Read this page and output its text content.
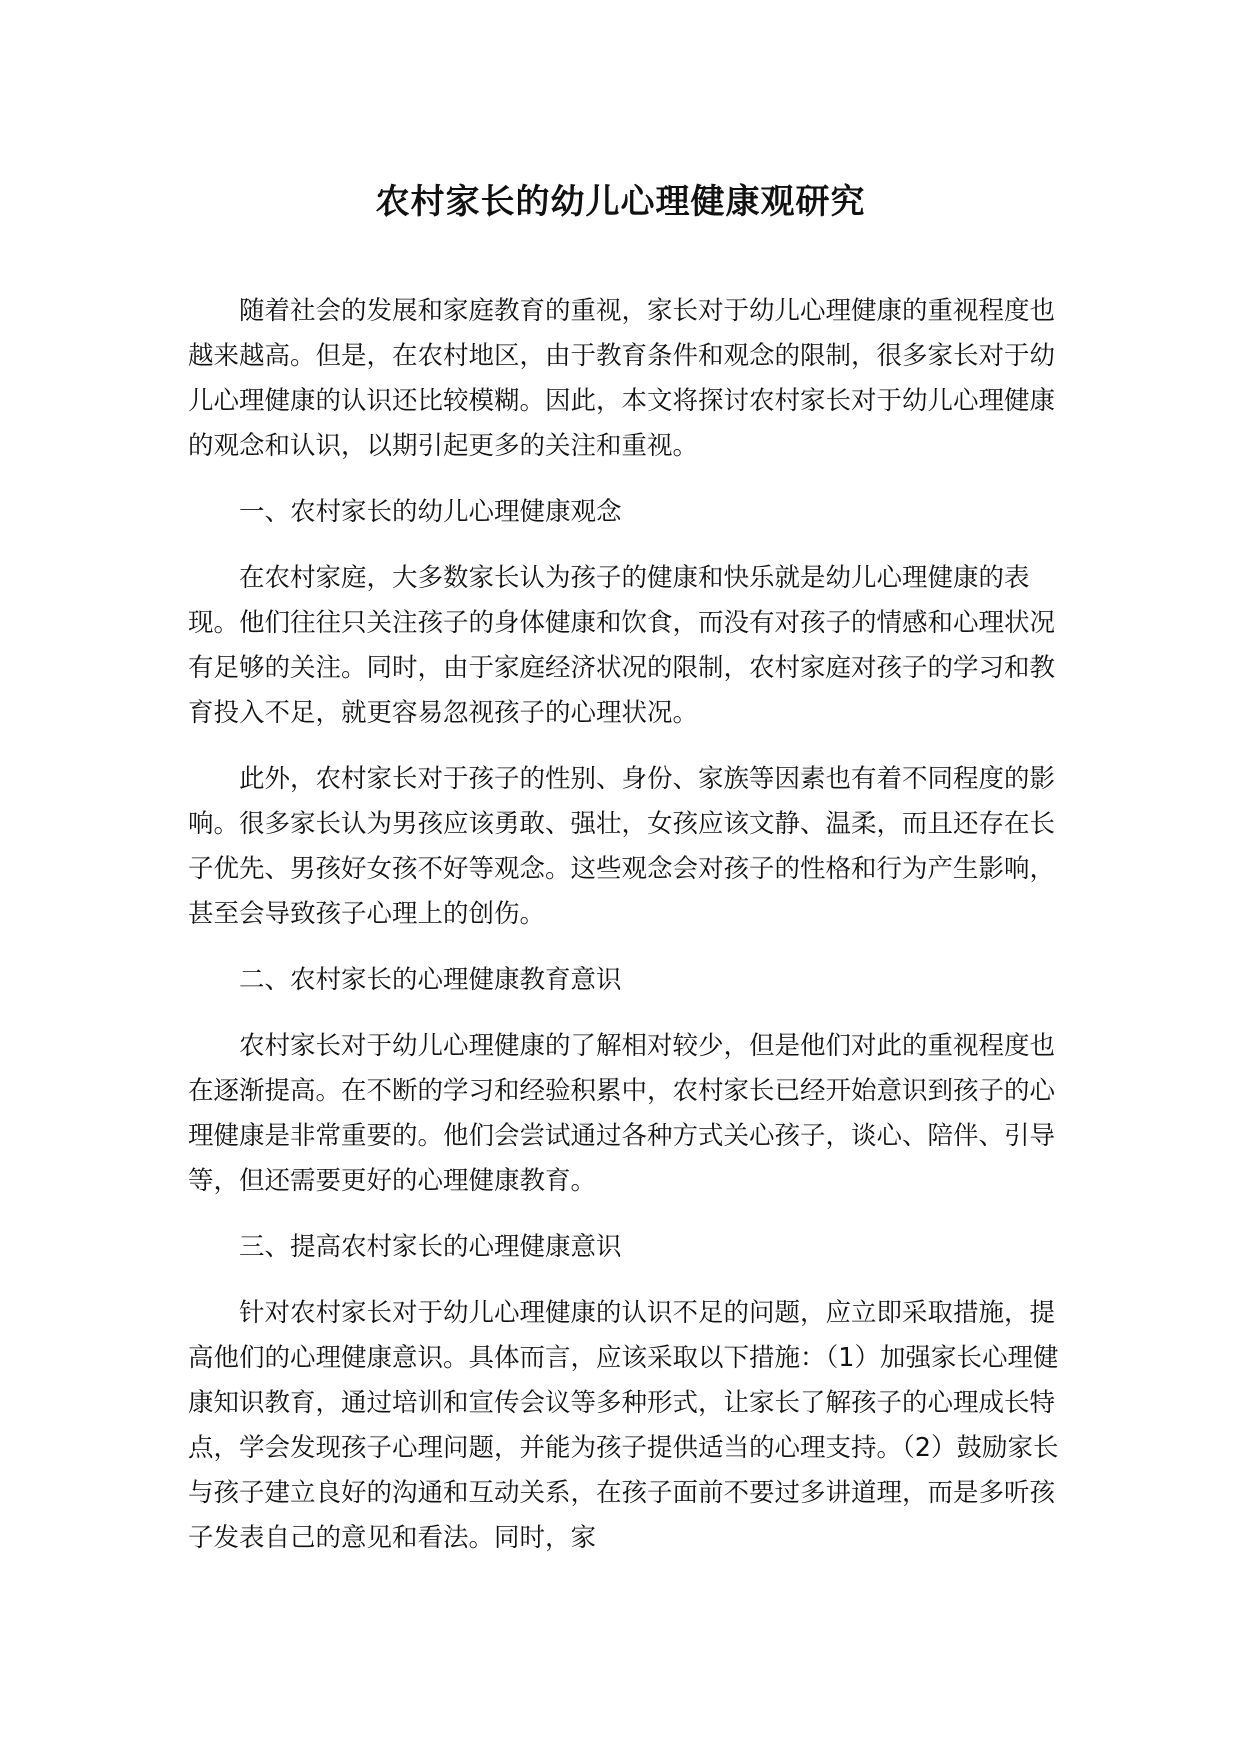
农村家长的幼儿心理健康观研究

随着社会的发展和家庭教育的重视，家长对于幼儿心理健康的重视程度也越来越高。但是，在农村地区，由于教育条件和观念的限制，很多家长对于幼儿心理健康的认识还比较模糊。因此，本文将探讨农村家长对于幼儿心理健康的观念和认识，以期引起更多的关注和重视。

一、农村家长的幼儿心理健康观念

在农村家庭，大多数家长认为孩子的健康和快乐就是幼儿心理健康的表现。他们往往只关注孩子的身体健康和饮食，而没有对孩子的情感和心理状况有足够的关注。同时，由于家庭经济状况的限制，农村家庭对孩子的学习和教育投入不足，就更容易忽视孩子的心理状况。

此外，农村家长对于孩子的性别、身份、家族等因素也有着不同程度的影响。很多家长认为男孩应该勇敢、强壮，女孩应该文静、温柔，而且还存在长子优先、男孩好女孩不好等观念。这些观念会对孩子的性格和行为产生影响，甚至会导致孩子心理上的创伤。

二、农村家长的心理健康教育意识

农村家长对于幼儿心理健康的了解相对较少，但是他们对此的重视程度也在逐渐提高。在不断的学习和经验积累中，农村家长已经开始意识到孩子的心理健康是非常重要的。他们会尝试通过各种方式关心孩子，谈心、陪伴、引导等，但还需要更好的心理健康教育。

三、提高农村家长的心理健康意识

针对农村家长对于幼儿心理健康的认识不足的问题，应立即采取措施，提高他们的心理健康意识。具体而言，应该采取以下措施：（1）加强家长心理健康知识教育，通过培训和宣传会议等多种形式，让家长了解孩子的心理成长特点，学会发现孩子心理问题，并能为孩子提供适当的心理支持。（2）鼓励家长与孩子建立良好的沟通和互动关系，在孩子面前不要过多讲道理，而是多听孩子发表自己的意见和看法。同时，家
